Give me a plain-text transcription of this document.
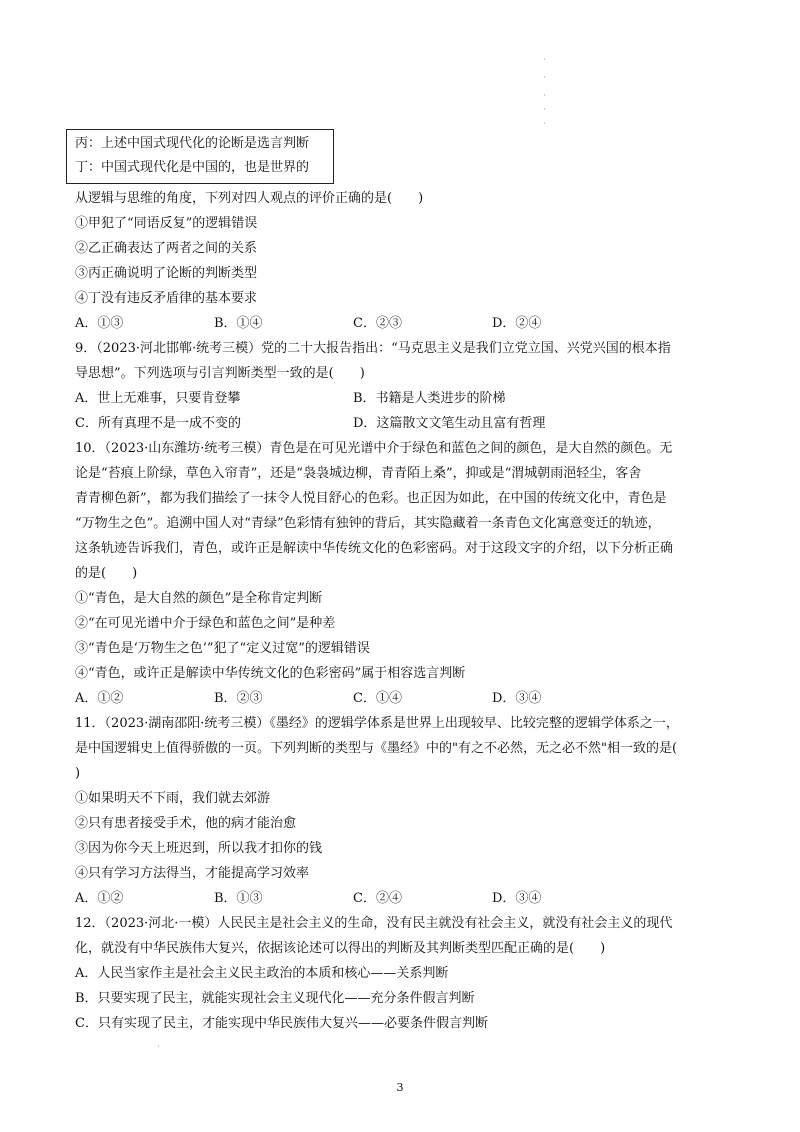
·
·
·
·
·
丙：上述中国式现代化的论断是选言判断
丁：中国式现代化是中国的，也是世界的
从逻辑与思维的角度，下列对四人观点的评价正确的是(　　)
①甲犯了“同语反复”的逻辑错误
②乙正确表达了两者之间的关系
③丙正确说明了论断的判断类型
④丁没有违反矛盾律的基本要求
A．①③	B．①④	C．②③	D．②④
9．（2023·河北邯郸·统考三模）党的二十大报告指出：“马克思主义是我们立党立国、兴党兴国的根本指
导思想”。下列选项与引言判断类型一致的是(　　)
A．世上无难事，只要肯登攀	B．书籍是人类进步的阶梯
C．所有真理不是一成不变的	D．这篇散文文笔生动且富有哲理
10．（2023·山东潍坊·统考三模）青色是在可见光谱中介于绿色和蓝色之间的颜色，是大自然的颜色。无
论是“苔痕上阶绿，草色入帘青”，还是“袅袅城边柳，青青陌上桑”，抑或是“渭城朝雨浥轻尘，客舍
青青柳色新”，都为我们描绘了一抹令人悦目舒心的色彩。也正因为如此，在中国的传统文化中，青色是
“万物生之色”。追溯中国人对“青绿”色彩情有独钟的背后，其实隐藏着一条青色文化寓意变迁的轨迹，
这条轨迹告诉我们，青色，或许正是解读中华传统文化的色彩密码。对于这段文字的介绍，以下分析正确
的是(　　)
①“青色，是大自然的颜色”是全称肯定判断
②“在可见光谱中介于绿色和蓝色之间”是种差
③“青色是‘万物生之色’”犯了“定义过宽”的逻辑错误
④“青色，或许正是解读中华传统文化的色彩密码”属于相容选言判断
A．①②	B．②③	C．①④	D．③④
11．（2023·湖南邵阳·统考三模）《墨经》的逻辑学体系是世界上出现较早、比较完整的逻辑学体系之一，
是中国逻辑史上值得骄傲的一页。下列判断的类型与《墨经》中的"有之不必然，无之必不然"相一致的是(
)
①如果明天不下雨，我们就去郊游
②只有患者接受手术，他的病才能治愈
③因为你今天上班迟到，所以我才扣你的钱
④只有学习方法得当，才能提高学习效率
A．①②	B．①③	C．②④	D．③④
12．（2023·河北·一模）人民民主是社会主义的生命，没有民主就没有社会主义，就没有社会主义的现代
化，就没有中华民族伟大复兴，依据该论述可以得出的判断及其判断类型匹配正确的是(　　)
A．人民当家作主是社会主义民主政治的本质和核心——关系判断
B．只要实现了民主，就能实现社会主义现代化——充分条件假言判断
C．只有实现了民主，才能实现中华民族伟大复兴——必要条件假言判断
·
3
